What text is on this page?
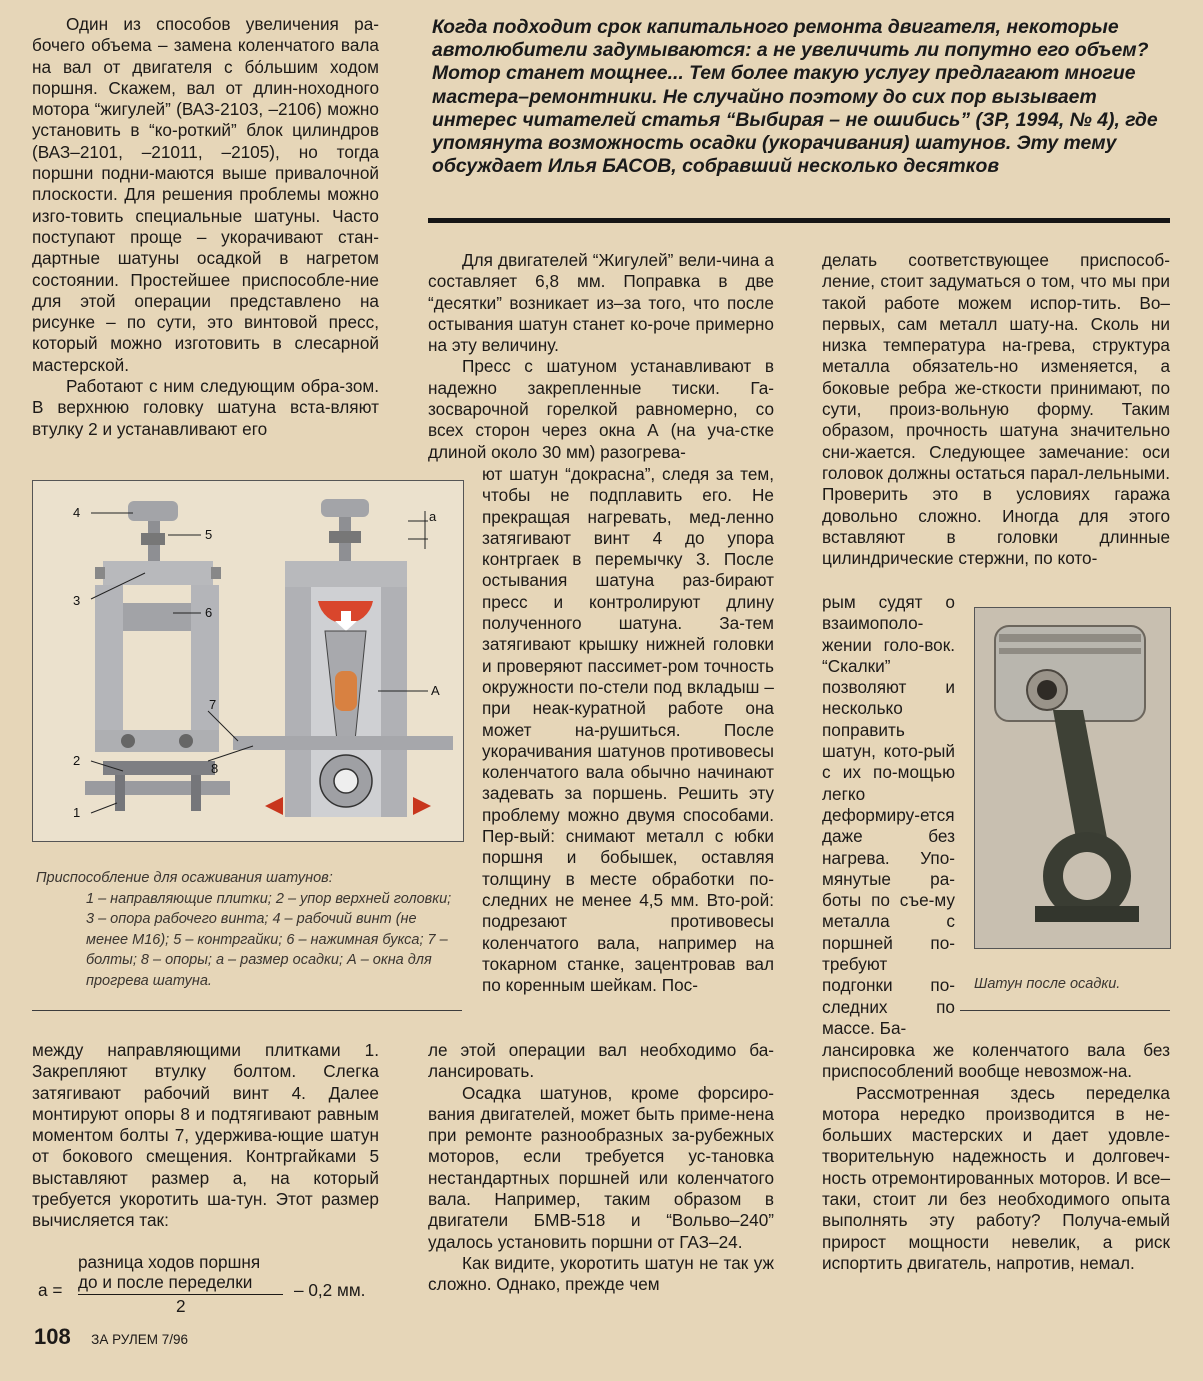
Один из способов увеличения ра-бочего объема – замена коленчатого вала на вал от двигателя с бо́льшим ходом поршня. Скажем, вал от длин-ноходного мотора “жигулей” (ВАЗ-2103, –2106) можно установить в “ко-роткий” блок цилиндров (ВАЗ–2101, –21011, –2105), но тогда поршни подни-маются выше привалочной плоскости. Для решения проблемы можно изго-товить специальные шатуны. Часто поступают проще – укорачивают стан-дартные шатуны осадкой в нагретом состоянии. Простейшее приспособле-ние для этой операции представлено на рисунке – по сути, это винтовой пресс, который можно изготовить в слесарной мастерской.

Работают с ним следующим обра-зом. В верхнюю головку шатуна вста-вляют втулку 2 и устанавливают его

Когда подходит срок капитального ремонта двигателя, некоторые автолюбители задумываются: а не увеличить ли попутно его объем? Мотор станет мощнее... Тем более такую услугу предлагают многие мастера–ремонтники. Не случайно поэтому до сих пор вызывает интерес читателей статья “Выбирая – не ошибись” (ЗР, 1994, № 4), где упомянута возможность осадки (укорачивания) шатунов. Эту тему обсуждает Илья БАСОВ, собравший несколько десятков

Для двигателей “Жигулей” вели-чина а составляет 6,8 мм. Поправка в две “десятки” возникает из–за того, что после остывания шатун станет ко-роче примерно на эту величину.

Пресс с шатуном устанавливают в надежно закрепленные тиски. Га-зосварочной горелкой равномерно, со всех сторон через окна А (на уча-стке длиной около 30 мм) разогрева-

ют шатун “докрасна”, следя за тем, чтобы не подплавить его. Не прекращая нагревать, мед-ленно затягивают винт 4 до упора контргаек в перемычку 3. После остывания шатуна раз-бирают пресс и контролируют длину полученного шатуна. За-тем затягивают крышку нижней головки и проверяют пассимет-ром точность окружности по-стели под вкладыш – при неак-куратной работе она может на-рушиться. После укорачивания шатунов противовесы коленчатого вала обычно начинают задевать за поршень. Решить эту проблему можно двумя способами. Пер-вый: снимают металл с юбки поршня и бобышек, оставляя толщину в месте обработки по-следних не менее 4,5 мм. Вто-рой: подрезают противовесы коленчатого вала, например на токарном станке, зацентровав вал по коренным шейкам. Пос-

ле этой операции вал необходимо ба-лансировать.

Осадка шатунов, кроме форсиро-вания двигателей, может быть приме-нена при ремонте разнообразных за-рубежных моторов, если требуется ус-тановка нестандартных поршней или коленчатого вала. Например, таким образом в двигатели БМВ-518 и “Вольво–240” удалось установить поршни от ГАЗ–24.

Как видите, укоротить шатун не так уж сложно. Однако, прежде чем

делать соответствующее приспособ-ление, стоит задуматься о том, что мы при такой работе можем испор-тить. Во–первых, сам металл шату-на. Сколь ни низка температура на-грева, структура металла обязатель-но изменяется, а боковые ребра же-сткости принимают, по сути, произ-вольную форму. Таким образом, прочность шатуна значительно сни-жается. Следующее замечание: оси головок должны остаться парал-лельными. Проверить это в условиях гаража довольно сложно. Иногда для этого вставляют в головки длинные цилиндрические стержни, по кото-

рым судят о взаимополо-жении голо-вок. “Скалки” позволяют и несколько поправить шатун, кото-рый с их по-мощью легко деформиру-ется даже без нагрева. Упо-мянутые ра-боты по съе-му металла с поршней по-требуют подгонки по-следних по массе. Ба-

лансировка же коленчатого вала без приспособлений вообще невозмож-на.

Рассмотренная здесь переделка мотора нередко производится в не-больших мастерских и дает удовле-творительную надежность и долговеч-ность отремонтированных моторов. И все–таки, стоит ли без необходимого опыта выполнять эту работу? Получа-емый прирост мощности невелик, а риск испортить двигатель, напротив, немал.

4
5
3
6
7
2
8
1
a
A
Приспособление для осаживания шатунов:
1 – направляющие плитки; 2 – упор верхней головки; 3 – опора рабочего винта; 4 – рабочий винт (не менее М16); 5 – контргайки; 6 – нажимная букса; 7 – болты; 8 – опоры; а – размер осадки; А – окна для прогрева шатуна.

между направляющими плитками 1. Закрепляют втулку болтом. Слегка затягивают рабочий винт 4. Далее монтируют опоры 8 и подтягивают равным моментом болты 7, удержива-ющие шатун от бокового смещения. Контргайками 5 выставляют размер а, на который требуется укоротить ша-тун. Этот размер вычисляется так:

а =
разница ходов поршня
до и после переделки
2
– 0,2 мм.
Шатун после осадки.
108 ЗА РУЛЕМ 7/96
